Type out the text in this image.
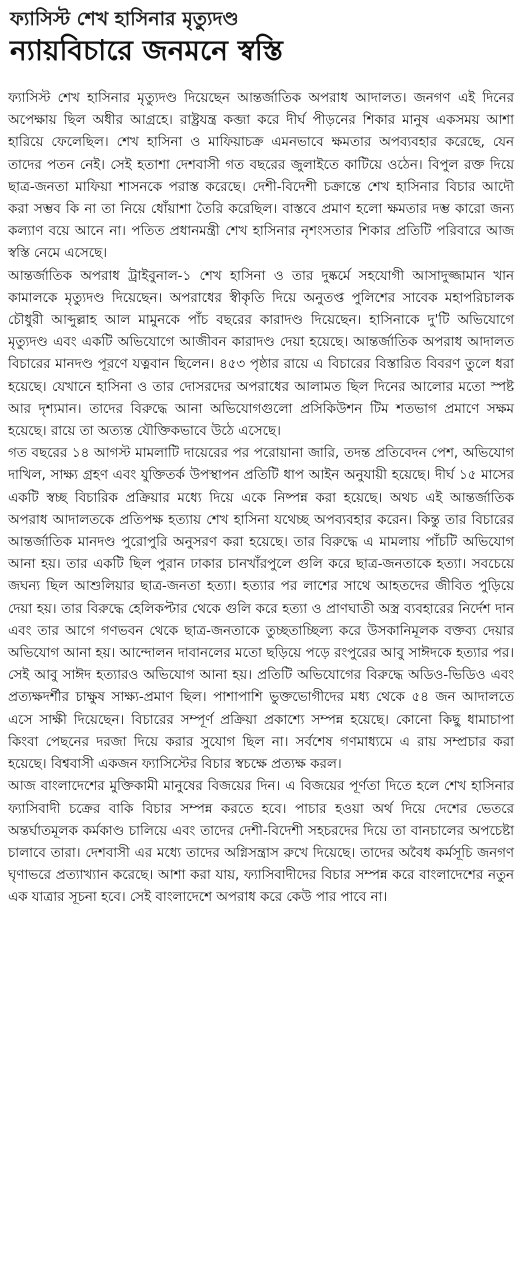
ফ্যাসিস্ট শেখ হাসিনার মৃত্যুদণ্ড
ন্যায়বিচারে জনমনে স্বস্তি

ফ্যাসিস্ট শেখ হাসিনার মৃত্যুদণ্ড দিয়েছেন আন্তর্জাতিক অপরাধ আদালত। জনগণ এই দিনের অপেক্ষায় ছিল অধীর আগ্রহে। রাষ্ট্রযন্ত্র কব্জা করে দীর্ঘ পীড়নের শিকার মানুষ একসময় আশা হারিয়ে ফেলেছিল। শেখ হাসিনা ও মাফিয়াচক্র এমনভাবে ক্ষমতার অপব্যবহার করেছে, যেন তাদের পতন নেই। সেই হতাশা দেশবাসী গত বছরের জুলাইতে কাটিয়ে ওঠেন। বিপুল রক্ত দিয়ে ছাত্র-জনতা মাফিয়া শাসনকে পরাস্ত করেছে। দেশী-বিদেশী চক্রান্তে শেখ হাসিনার বিচার আদৌ করা সম্ভব কি না তা নিয়ে ধোঁয়াশা তৈরি করেছিল। বাস্তবে প্রমাণ হলো ক্ষমতার দম্ভ কারো জন্য কল্যাণ বয়ে আনে না। পতিত প্রধানমন্ত্রী শেখ হাসিনার নৃশংসতার শিকার প্রতিটি পরিবারে আজ স্বস্তি নেমে এসেছে।

আন্তর্জাতিক অপরাধ ট্রাইবুনাল-১ শেখ হাসিনা ও তার দুষ্কর্মে সহযোগী আসাদুজ্জামান খান কামালকে মৃত্যুদণ্ড দিয়েছেন। অপরাধের স্বীকৃতি দিয়ে অনুতপ্ত পুলিশের সাবেক মহাপরিচালক চৌধুরী আব্দুল্লাহ আল মামুনকে পাঁচ বছরের কারাদণ্ড দিয়েছেন। হাসিনাকে দু'টি অভিযোগে মৃত্যুদণ্ড এবং একটি অভিযোগে আজীবন কারাদণ্ড দেয়া হয়েছে। আন্তর্জাতিক অপরাধ আদালত বিচারের মানদণ্ড পূরণে যত্নবান ছিলেন। ৪৫৩ পৃষ্ঠার রায়ে এ বিচারের বিস্তারিত বিবরণ তুলে ধরা হয়েছে। যেখানে হাসিনা ও তার দোসরদের অপরাধের আলামত ছিল দিনের আলোর মতো স্পষ্ট আর দৃশ্যমান। তাদের বিরুদ্ধে আনা অভিযোগগুলো প্রসিকিউশন টিম শতভাগ প্রমাণে সক্ষম হয়েছে। রায়ে তা অত্যন্ত যৌক্তিকভাবে উঠে এসেছে।

গত বছরের ১৪ আগস্ট মামলাটি দায়েরের পর পরোয়ানা জারি, তদন্ত প্রতিবেদন পেশ, অভিযোগ দাখিল, সাক্ষ্য গ্রহণ এবং যুক্তিতর্ক উপস্থাপন প্রতিটি ধাপ আইন অনুযায়ী হয়েছে। দীর্ঘ ১৫ মাসের একটি স্বচ্ছ বিচারিক প্রক্রিয়ার মধ্যে দিয়ে একে নিষ্পন্ন করা হয়েছে। অথচ এই আন্তর্জাতিক অপরাধ আদালতকে প্রতিপক্ষ হত্যায় শেখ হাসিনা যথেচ্ছ অপব্যবহার করেন। কিন্তু তার বিচারের আন্তর্জাতিক মানদণ্ড পুরোপুরি অনুসরণ করা হয়েছে। তার বিরুদ্ধে এ মামলায় পাঁচটি অভিযোগ আনা হয়। তার একটি ছিল পুরান ঢাকার চানখাঁরপুলে গুলি করে ছাত্র-জনতাকে হত্যা। সবচেয়ে জঘন্য ছিল আশুলিয়ার ছাত্র-জনতা হত্যা। হত্যার পর লাশের সাথে আহতদের জীবিত পুড়িয়ে দেয়া হয়। তার বিরুদ্ধে হেলিকপ্টার থেকে গুলি করে হত্যা ও প্রাণঘাতী অস্ত্র ব্যবহারের নির্দেশ দান এবং তার আগে গণভবন থেকে ছাত্র-জনতাকে তুচ্ছতাচ্ছিল্য করে উসকানিমূলক বক্তব্য দেয়ার অভিযোগ আনা হয়। আন্দোলন দাবানলের মতো ছড়িয়ে পড়ে রংপুরের আবু সাঈদকে হত্যার পর। সেই আবু সাঈদ হত্যারও অভিযোগ আনা হয়। প্রতিটি অভিযোগের বিরুদ্ধে অডিও-ভিডিও এবং প্রত্যক্ষদর্শীর চাক্ষুষ সাক্ষ্য-প্রমাণ ছিল। পাশাপাশি ভুক্তভোগীদের মধ্য থেকে ৫৪ জন আদালতে এসে সাক্ষী দিয়েছেন। বিচারের সম্পূর্ণ প্রক্রিয়া প্রকাশ্যে সম্পন্ন হয়েছে। কোনো কিছু ধামাচাপা কিংবা পেছনের দরজা দিয়ে করার সুযোগ ছিল না। সর্বশেষ গণমাধ্যমে এ রায় সম্প্রচার করা হয়েছে। বিশ্ববাসী একজন ফ্যাসিস্টের বিচার স্বচক্ষে প্রত্যক্ষ করল।

আজ বাংলাদেশের মুক্তিকামী মানুষের বিজয়ের দিন। এ বিজয়ের পূর্ণতা দিতে হলে শেখ হাসিনার ফ্যাসিবাদী চক্রের বাকি বিচার সম্পন্ন করতে হবে। পাচার হওয়া অর্থ দিয়ে দেশের ভেতরে অন্তর্ঘাতমূলক কর্মকাণ্ড চালিয়ে এবং তাদের দেশী-বিদেশী সহচরদের দিয়ে তা বানচালের অপচেষ্টা চালাবে তারা। দেশবাসী এর মধ্যে তাদের অগ্নিসন্ত্রাস রুখে দিয়েছে। তাদের অবৈধ কর্মসূচি জনগণ ঘৃণাভরে প্রত্যাখ্যান করেছে। আশা করা যায়, ফ্যাসিবাদীদের বিচার সম্পন্ন করে বাংলাদেশের নতুন এক যাত্রার সূচনা হবে। সেই বাংলাদেশে অপরাধ করে কেউ পার পাবে না।
